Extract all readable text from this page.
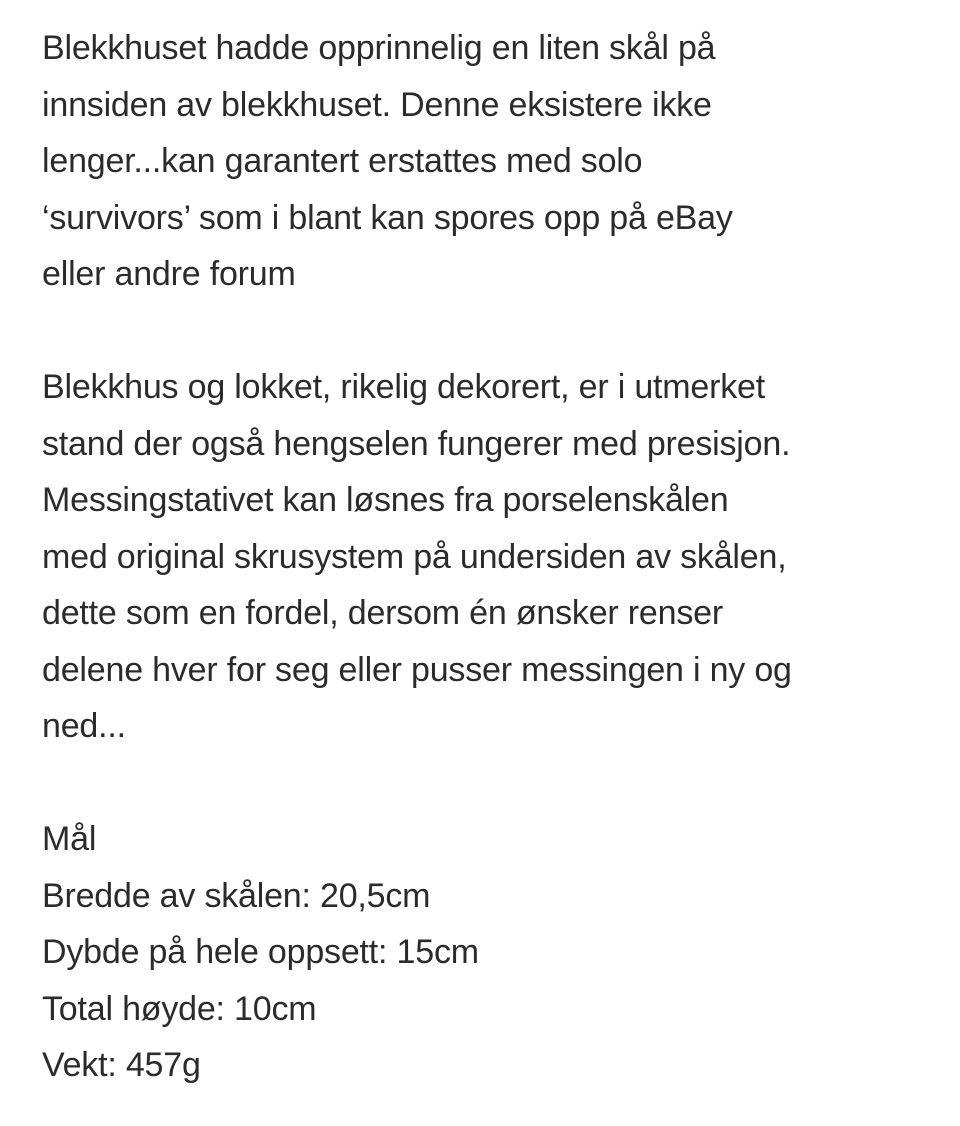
Blekkhuset hadde opprinnelig en liten skål på
innsiden av blekkhuset. Denne eksistere ikke
lenger...kan garantert erstattes med solo
‘survivors’ som i blant kan spores opp på eBay
eller andre forum
Blekkhus og lokket, rikelig dekorert, er i utmerket
stand der også hengselen fungerer med presisjon.
Messingstativet kan løsnes fra porselenskålen
med original skrusystem på undersiden av skålen,
dette som en fordel, dersom én ønsker renser
delene hver for seg eller pusser messingen i ny og
ned...
Mål
Bredde av skålen: 20,5cm
Dybde på hele oppsett: 15cm
Total høyde: 10cm
Vekt: 457g
